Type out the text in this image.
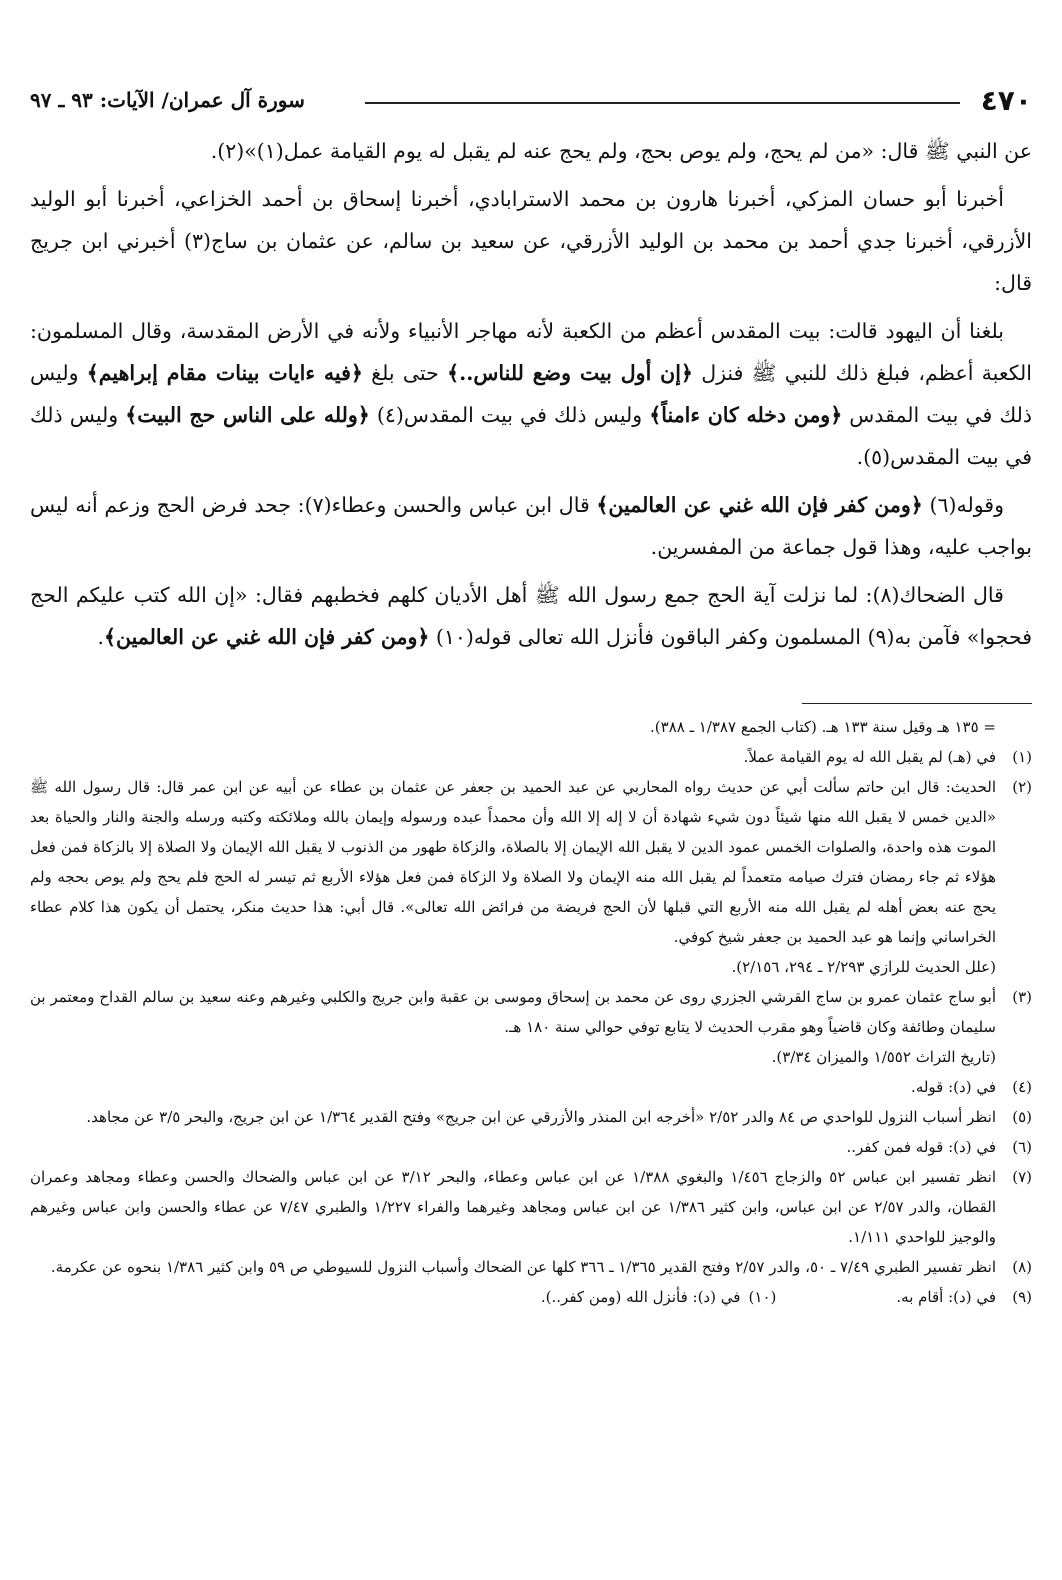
٤٧٠
سورة آل عمران/ الآيات: ٩٣ ـ ٩٧

عن النبي ﷺ قال: «من لم يحج، ولم يوص بحج، ولم يحج عنه لم يقبل له يوم القيامة عمل(١)»(٢).

أخبرنا أبو حسان المزكي، أخبرنا هارون بن محمد الاسترابادي، أخبرنا إسحاق بن أحمد الخزاعي، أخبرنا أبو الوليد الأزرقي، أخبرنا جدي أحمد بن محمد بن الوليد الأزرقي، عن سعيد بن سالم، عن عثمان بن ساج(٣) أخبرني ابن جريج قال:

بلغنا أن اليهود قالت: بيت المقدس أعظم من الكعبة لأنه مهاجر الأنبياء ولأنه في الأرض المقدسة، وقال المسلمون: الكعبة أعظم، فبلغ ذلك للنبي ﷺ فنزل ﴿إن أول بيت وضع للناس..﴾ حتى بلغ ﴿فيه ءايات بينات مقام إبراهيم﴾ وليس ذلك في بيت المقدس ﴿ومن دخله كان ءامناً﴾ وليس ذلك في بيت المقدس(٤) ﴿ولله على الناس حج البيت﴾ وليس ذلك في بيت المقدس(٥).

وقوله(٦) ﴿ومن كفر فإن الله غني عن العالمين﴾ قال ابن عباس والحسن وعطاء(٧): جحد فرض الحج وزعم أنه ليس بواجب عليه، وهذا قول جماعة من المفسرين.

قال الضحاك(٨): لما نزلت آية الحج جمع رسول الله ﷺ أهل الأديان كلهم فخطبهم فقال: «إن الله كتب عليكم الحج فحجوا» فآمن به(٩) المسلمون وكفر الباقون فأنزل الله تعالى قوله(١٠) ﴿ومن كفر فإن الله غني عن العالمين﴾.

= ١٣٥ هـ وقيل سنة ١٣٣ هـ. (كتاب الجمع ١/٣٨٧ ـ ٣٨٨).

(١)
في (هـ) لم يقبل الله له يوم القيامة عملاً.

(٢)
الحديث: قال ابن حاتم سألت أبي عن حديث رواه المحاربي عن عبد الحميد بن جعفر عن عثمان بن عطاء عن أبيه عن ابن عمر قال: قال رسول الله ﷺ «الدين خمس لا يقبل الله منها شيئاً دون شيء شهادة أن لا إله إلا الله وأن محمداً عبده ورسوله وإيمان بالله وملائكته وكتبه ورسله والجنة والنار والحياة بعد الموت هذه واحدة، والصلوات الخمس عمود الدين لا يقبل الله الإيمان إلا بالصلاة، والزكاة طهور من الذنوب لا يقبل الله الإيمان ولا الصلاة إلا بالزكاة فمن فعل هؤلاء ثم جاء رمضان فترك صيامه متعمداً لم يقبل الله منه الإيمان ولا الصلاة ولا الزكاة فمن فعل هؤلاء الأربع ثم تيسر له الحج فلم يحج ولم يوص بحجه ولم يحج عنه بعض أهله لم يقبل الله منه الأربع التي قبلها لأن الحج فريضة من فرائض الله تعالى». قال أبي: هذا حديث منكر، يحتمل أن يكون هذا كلام عطاء الخراساني وإنما هو عبد الحميد بن جعفر شيخ كوفي.

(علل الحديث للرازي ٢/٢٩٣ ـ ٢٩٤، ٢/١٥٦).

(٣)
أبو ساج عثمان عمرو بن ساج القرشي الجزري روى عن محمد بن إسحاق وموسى بن عقبة وابن جريج والكلبي وغيرهم وعنه سعيد بن سالم القداح ومعتمر بن سليمان وطائفة وكان قاضياً وهو مقرب الحديث لا يتابع توفي حوالي سنة ١٨٠ هـ.

(تاريخ التراث ١/٥٥٢ والميزان ٣/٣٤).

(٤)
في (د): قوله.

(٥)
انظر أسباب النزول للواحدي ص ٨٤ والدر ٢/٥٢ «أخرجه ابن المنذر والأزرقي عن ابن جريج» وفتح القدير ١/٣٦٤ عن ابن جريج، والبحر ٣/٥ عن مجاهد.

(٦)
في (د): قوله فمن كفر..

(٧)
انظر تفسير ابن عباس ٥٢ والزجاج ١/٤٥٦ والبغوي ١/٣٨٨ عن ابن عباس وعطاء، والبحر ٣/١٢ عن ابن عباس والضحاك والحسن وعطاء ومجاهد وعمران القطان، والدر ٢/٥٧ عن ابن عباس، وابن كثير ١/٣٨٦ عن ابن عباس ومجاهد وغيرهما والفراء ١/٢٢٧ والطبري ٧/٤٧ عن عطاء والحسن وابن عباس وغيرهم والوجيز للواحدي ١/١١١.

(٨)
انظر تفسير الطبري ٧/٤٩ ـ ٥٠، والدر ٢/٥٧ وفتح القدير ١/٣٦٥ ـ ٣٦٦ كلها عن الضحاك وأسباب النزول للسيوطي ص ٥٩ وابن كثير ١/٣٨٦ بنحوه عن عكرمة.

(٩)
في (د): أقام به.

(١٠)
في (د): فأنزل الله (ومن كفر..).
